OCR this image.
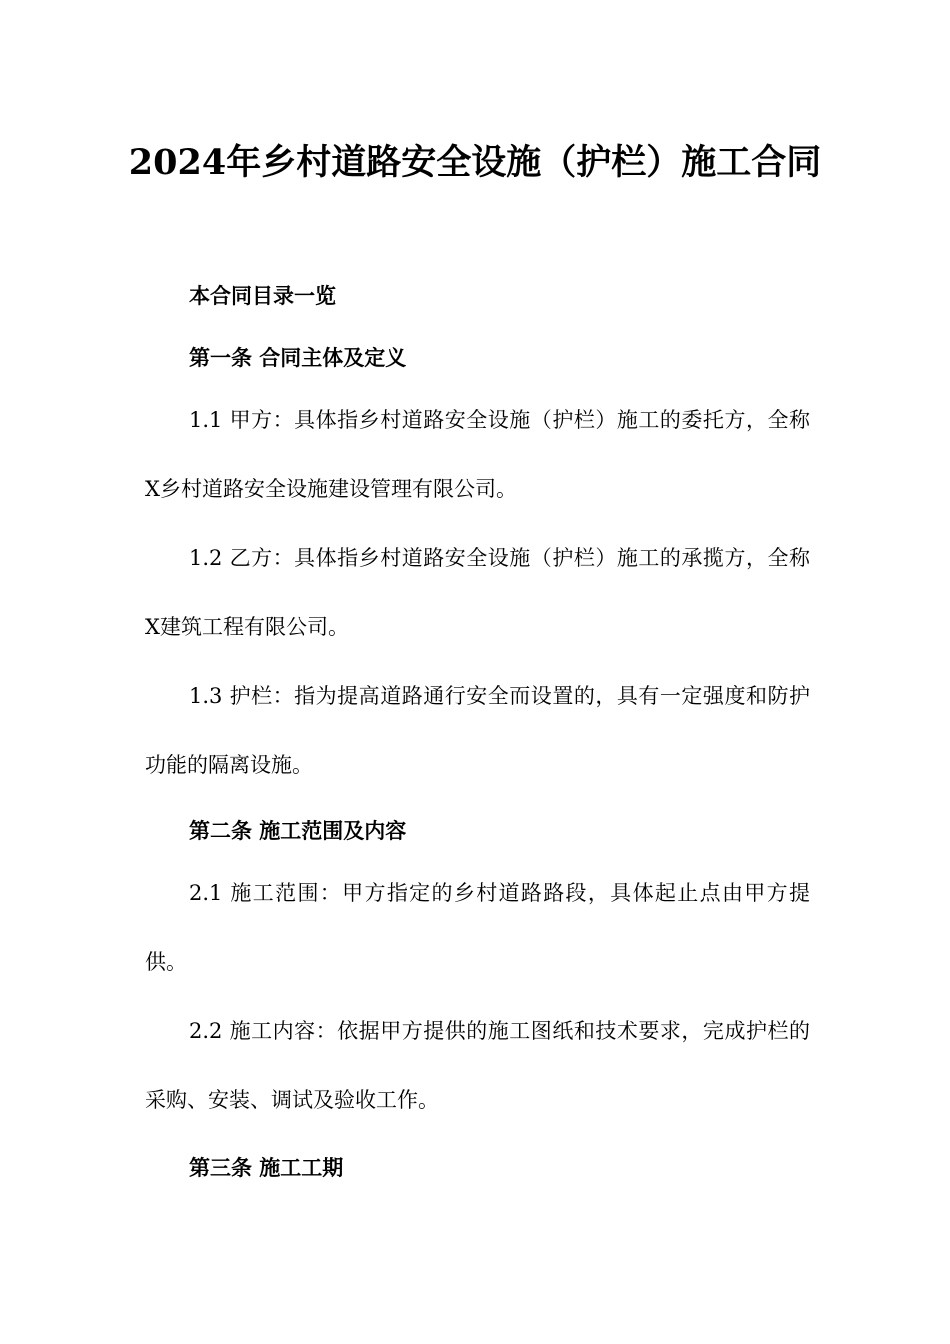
2024年乡村道路安全设施（护栏）施工合同

本合同目录一览

第一条 合同主体及定义

1.1 甲方：具体指乡村道路安全设施（护栏）施工的委托方，全称X乡村道路安全设施建设管理有限公司。

1.2 乙方：具体指乡村道路安全设施（护栏）施工的承揽方，全称X建筑工程有限公司。

1.3 护栏：指为提高道路通行安全而设置的，具有一定强度和防护功能的隔离设施。

第二条 施工范围及内容

2.1 施工范围：甲方指定的乡村道路路段，具体起止点由甲方提供。

2.2 施工内容：依据甲方提供的施工图纸和技术要求，完成护栏的采购、安装、调试及验收工作。

第三条 施工工期
